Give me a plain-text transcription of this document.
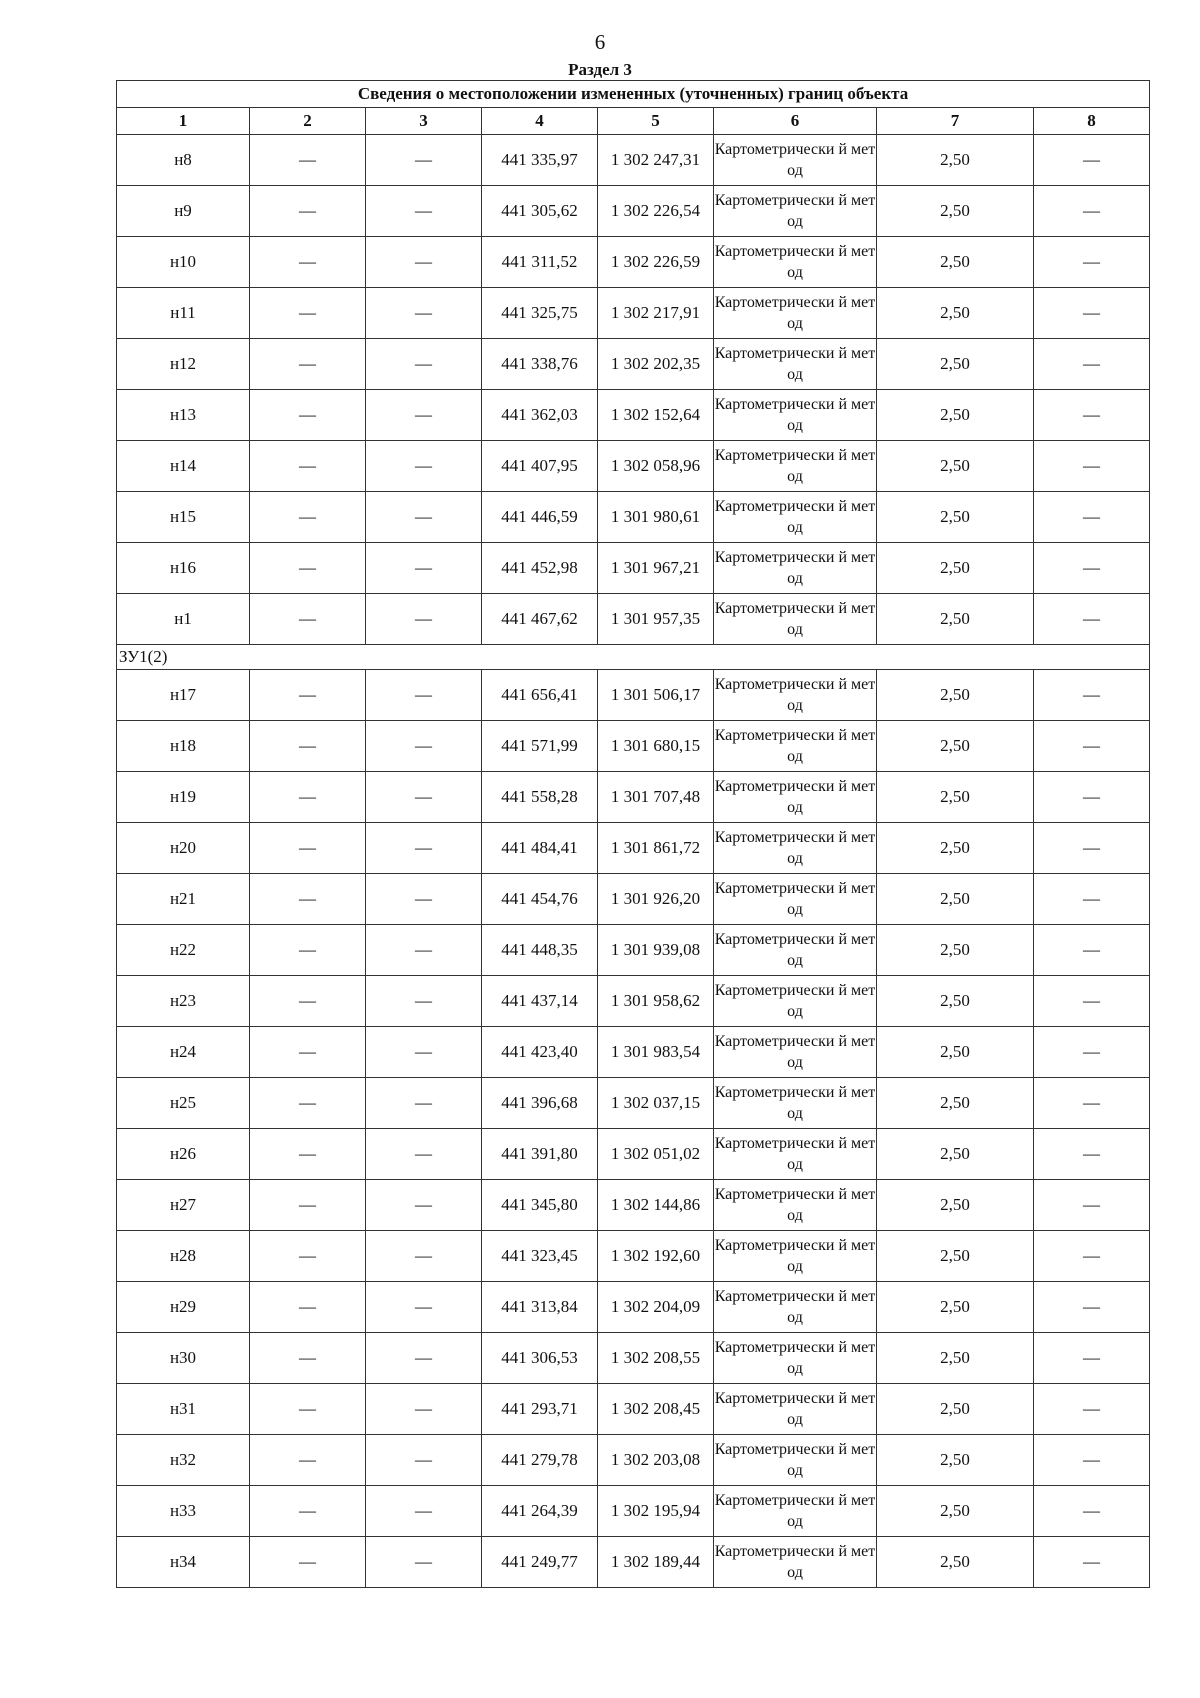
6
Раздел 3
Сведения о местоположении измененных (уточненных) границ объекта							
1	2	3	4	5	6	7	8
н8	—	—	441 335,97	1 302 247,31	Картометрически й метод	2,50	—
н9	—	—	441 305,62	1 302 226,54	Картометрически й метод	2,50	—
н10	—	—	441 311,52	1 302 226,59	Картометрически й метод	2,50	—
н11	—	—	441 325,75	1 302 217,91	Картометрически й метод	2,50	—
н12	—	—	441 338,76	1 302 202,35	Картометрически й метод	2,50	—
н13	—	—	441 362,03	1 302 152,64	Картометрически й метод	2,50	—
н14	—	—	441 407,95	1 302 058,96	Картометрически й метод	2,50	—
н15	—	—	441 446,59	1 301 980,61	Картометрически й метод	2,50	—
н16	—	—	441 452,98	1 301 967,21	Картометрически й метод	2,50	—
н1	—	—	441 467,62	1 301 957,35	Картометрически й метод	2,50	—
ЗУ1(2)							
н17	—	—	441 656,41	1 301 506,17	Картометрически й метод	2,50	—
н18	—	—	441 571,99	1 301 680,15	Картометрически й метод	2,50	—
н19	—	—	441 558,28	1 301 707,48	Картометрически й метод	2,50	—
н20	—	—	441 484,41	1 301 861,72	Картометрически й метод	2,50	—
н21	—	—	441 454,76	1 301 926,20	Картометрически й метод	2,50	—
н22	—	—	441 448,35	1 301 939,08	Картометрически й метод	2,50	—
н23	—	—	441 437,14	1 301 958,62	Картометрически й метод	2,50	—
н24	—	—	441 423,40	1 301 983,54	Картометрически й метод	2,50	—
н25	—	—	441 396,68	1 302 037,15	Картометрически й метод	2,50	—
н26	—	—	441 391,80	1 302 051,02	Картометрически й метод	2,50	—
н27	—	—	441 345,80	1 302 144,86	Картометрически й метод	2,50	—
н28	—	—	441 323,45	1 302 192,60	Картометрически й метод	2,50	—
н29	—	—	441 313,84	1 302 204,09	Картометрически й метод	2,50	—
н30	—	—	441 306,53	1 302 208,55	Картометрически й метод	2,50	—
н31	—	—	441 293,71	1 302 208,45	Картометрически й метод	2,50	—
н32	—	—	441 279,78	1 302 203,08	Картометрически й метод	2,50	—
н33	—	—	441 264,39	1 302 195,94	Картометрически й метод	2,50	—
н34	—	—	441 249,77	1 302 189,44	Картометрически й метод	2,50	—
